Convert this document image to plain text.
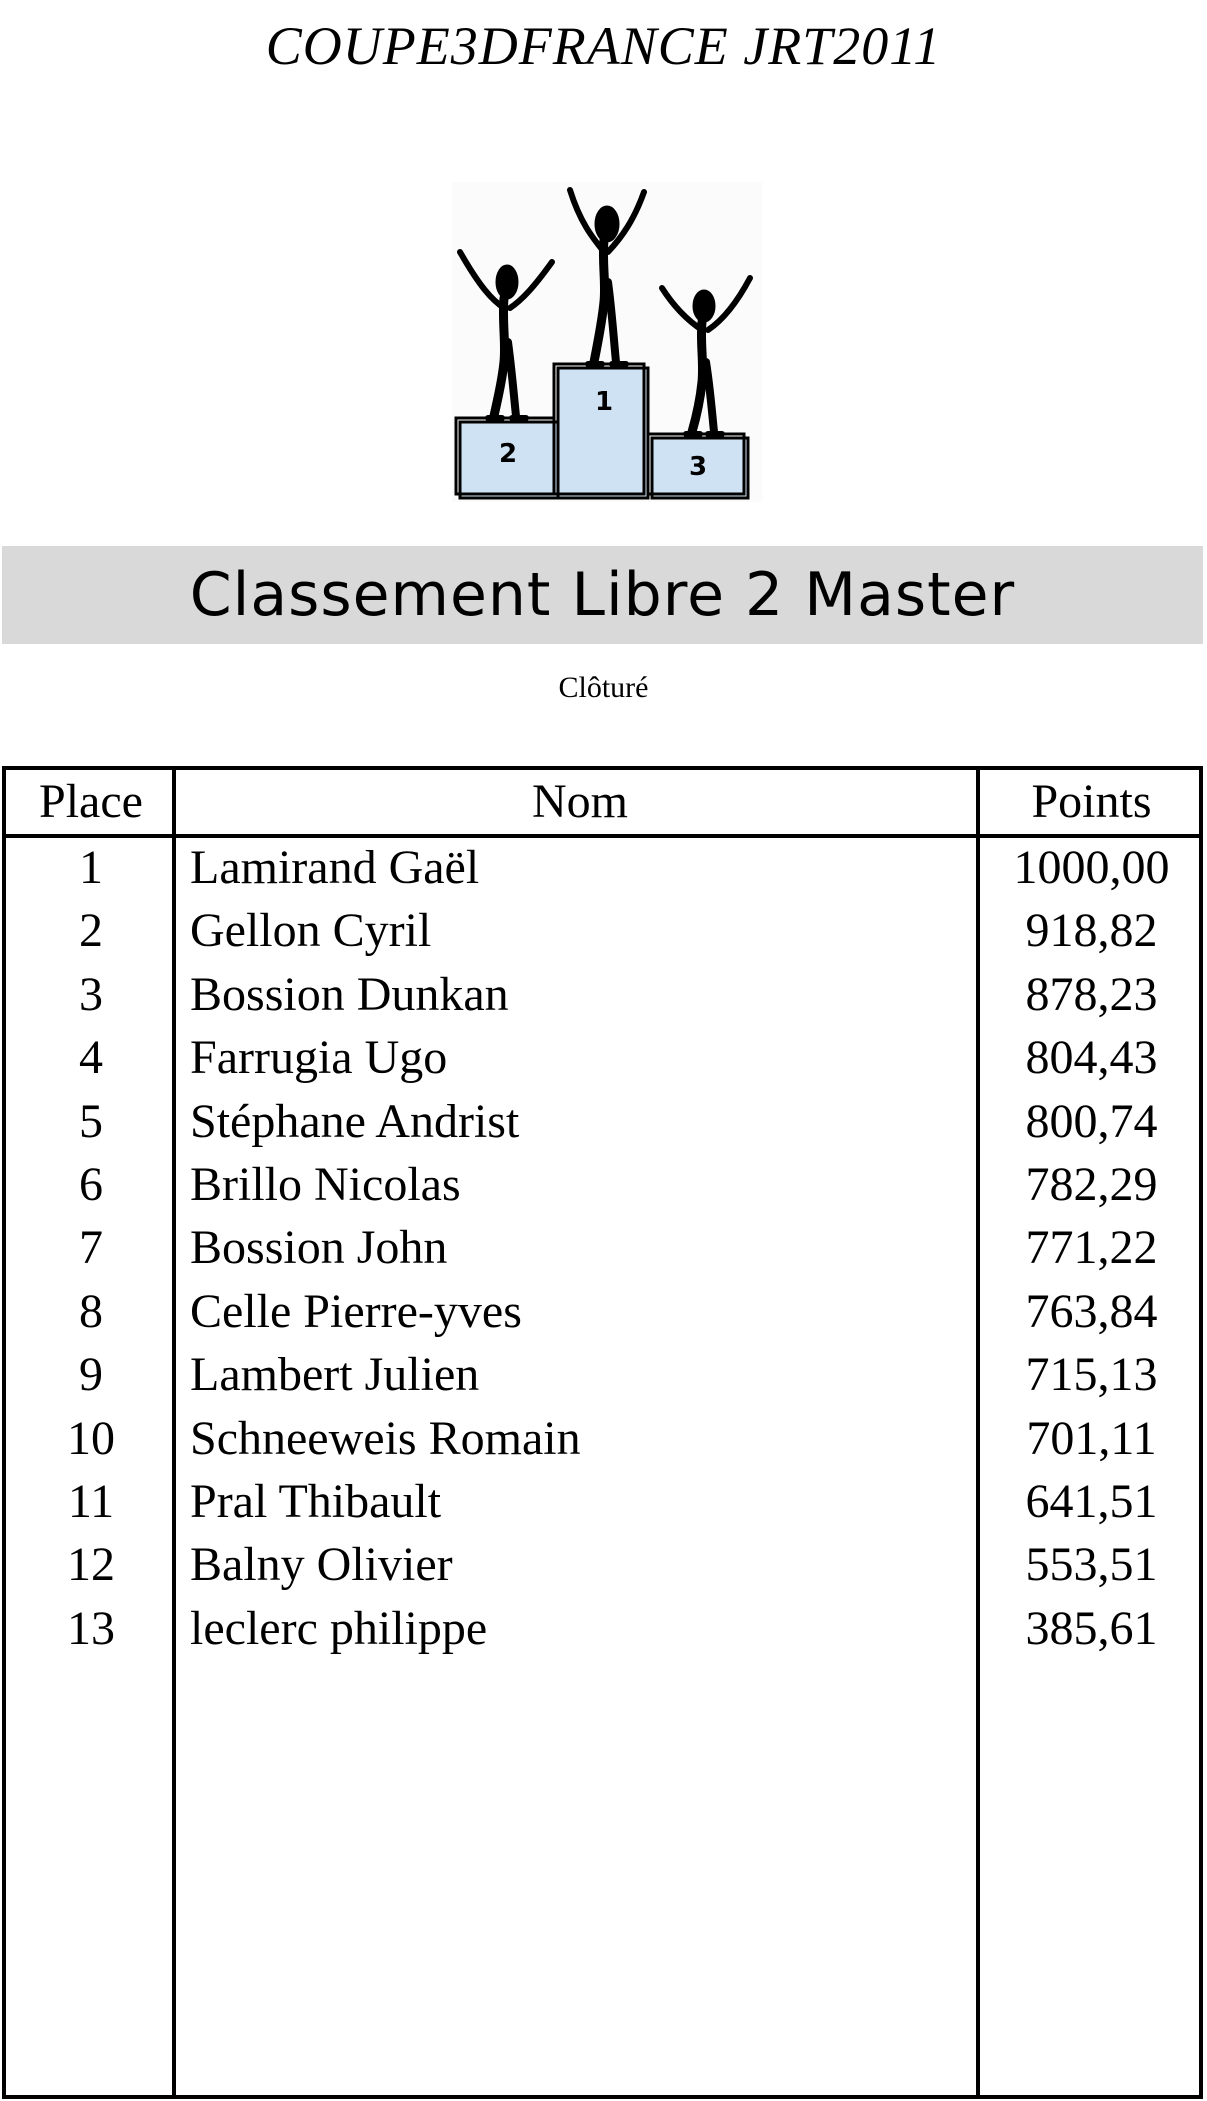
COUPE3DFRANCE JRT2011
1
2	3
Classement Libre 2 Master
Clôturé
Place	Nom	Points
1	Lamirand Gaël	1000,00
2	Gellon Cyril	918,82
3	Bossion Dunkan	878,23
4	Farrugia Ugo	804,43
5	Stéphane Andrist	800,74
6	Brillo Nicolas	782,29
7	Bossion John	771,22
8	Celle Pierre-yves	763,84
9	Lambert Julien	715,13
10	Schneeweis Romain	701,11
11	Pral Thibault	641,51
12	Balny Olivier	553,51
13	leclerc philippe	385,61
